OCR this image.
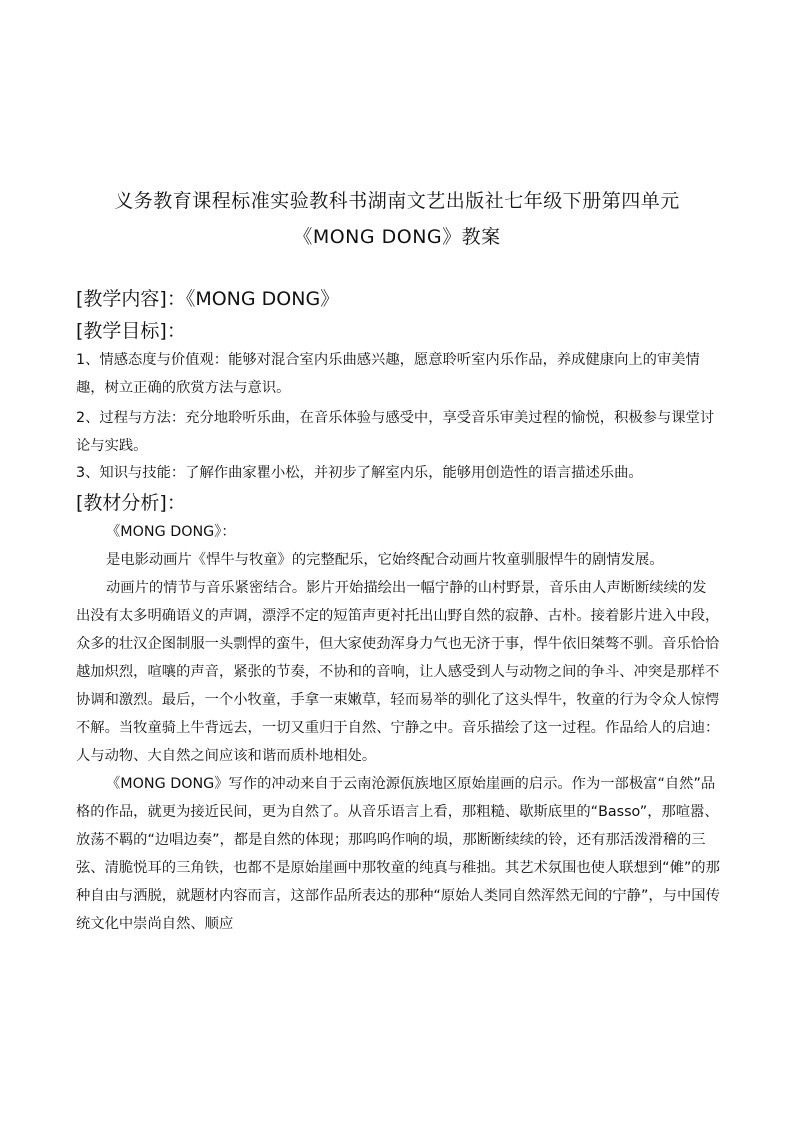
义务教育课程标准实验教科书湖南文艺出版社七年级下册第四单元
《MONG DONG》教案
[教学内容]：《MONG DONG》
[教学目标]：
1、情感态度与价值观：能够对混合室内乐曲感兴趣，愿意聆听室内乐作品，养成健康向上的审美情趣，树立正确的欣赏方法与意识。
2、过程与方法：充分地聆听乐曲，在音乐体验与感受中，享受音乐审美过程的愉悦，积极参与课堂讨论与实践。
3、知识与技能：了解作曲家瞿小松，并初步了解室内乐，能够用创造性的语言描述乐曲。
[教材分析]：

《MONG DONG》：

是电影动画片《悍牛与牧童》的完整配乐，它始终配合动画片牧童驯服悍牛的剧情发展。

动画片的情节与音乐紧密结合。影片开始描绘出一幅宁静的山村野景，音乐由人声断断续续的发出没有太多明确语义的声调，漂浮不定的短笛声更衬托出山野自然的寂静、古朴。接着影片进入中段，众多的壮汉企图制服一头剽悍的蛮牛，但大家使劲浑身力气也无济于事，悍牛依旧桀骜不驯。音乐恰恰越加炽烈，喧嚷的声音，紧张的节奏，不协和的音响，让人感受到人与动物之间的争斗、冲突是那样不协调和激烈。最后，一个小牧童，手拿一束嫩草，轻而易举的驯化了这头悍牛，牧童的行为令众人惊愕不解。当牧童骑上牛背远去，一切又重归于自然、宁静之中。音乐描绘了这一过程。作品给人的启迪：人与动物、大自然之间应该和谐而质朴地相处。

《MONG DONG》写作的冲动来自于云南沧源佤族地区原始崖画的启示。作为一部极富“自然”品格的作品，就更为接近民间，更为自然了。从音乐语言上看，那粗糙、歇斯底里的“Basso”，那喧嚣、放荡不羁的“边唱边奏”，都是自然的体现；那呜呜作响的埙，那断断续续的铃，还有那活泼滑稽的三弦、清脆悦耳的三角铁，也都不是原始崖画中那牧童的纯真与稚拙。其艺术氛围也使人联想到“傩”的那种自由与洒脱，就题材内容而言，这部作品所表达的那种“原始人类同自然浑然无间的宁静”，与中国传统文化中崇尚自然、顺应
